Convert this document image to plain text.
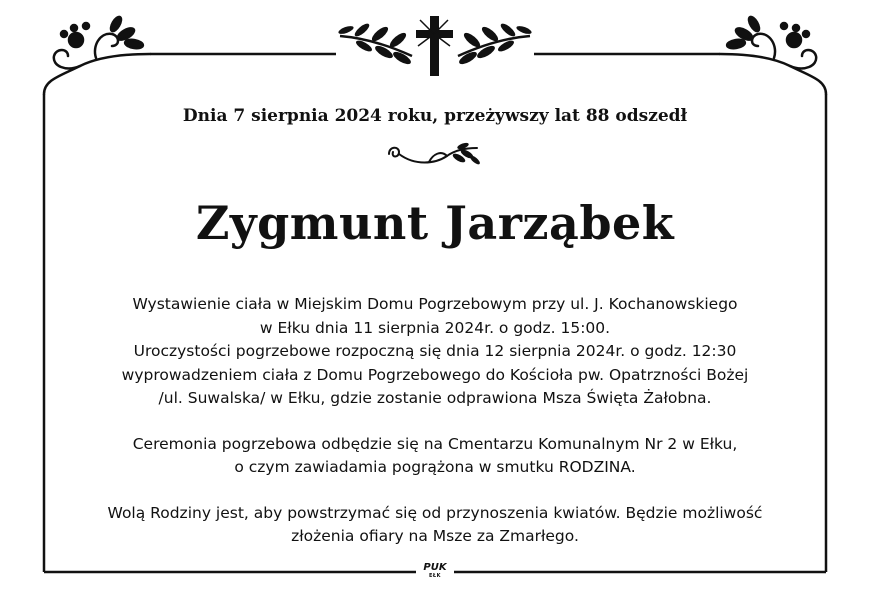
Dnia 7 sierpnia 2024 roku, przeżywszy lat 88 odszedł
Zygmunt Jarząbek

Wystawienie ciała w Miejskim Domu Pogrzebowym przy ul. J. Kochanowskiego

w Ełku dnia 11 sierpnia 2024r. o godz. 15:00.

Uroczystości pogrzebowe rozpoczną się dnia 12 sierpnia 2024r. o godz. 12:30

wyprowadzeniem ciała z Domu Pogrzebowego do Kościoła pw. Opatrzności Bożej

/ul. Suwalska/ w Ełku, gdzie zostanie odprawiona Msza Święta Żałobna.

Ceremonia pogrzebowa odbędzie się na Cmentarzu Komunalnym Nr 2 w Ełku,

o czym zawiadamia pogrążona w smutku RODZINA.

Wolą Rodziny jest, aby powstrzymać się od przynoszenia kwiatów. Będzie możliwość

złożenia ofiary na Msze za Zmarłego.

PUK
EŁK
